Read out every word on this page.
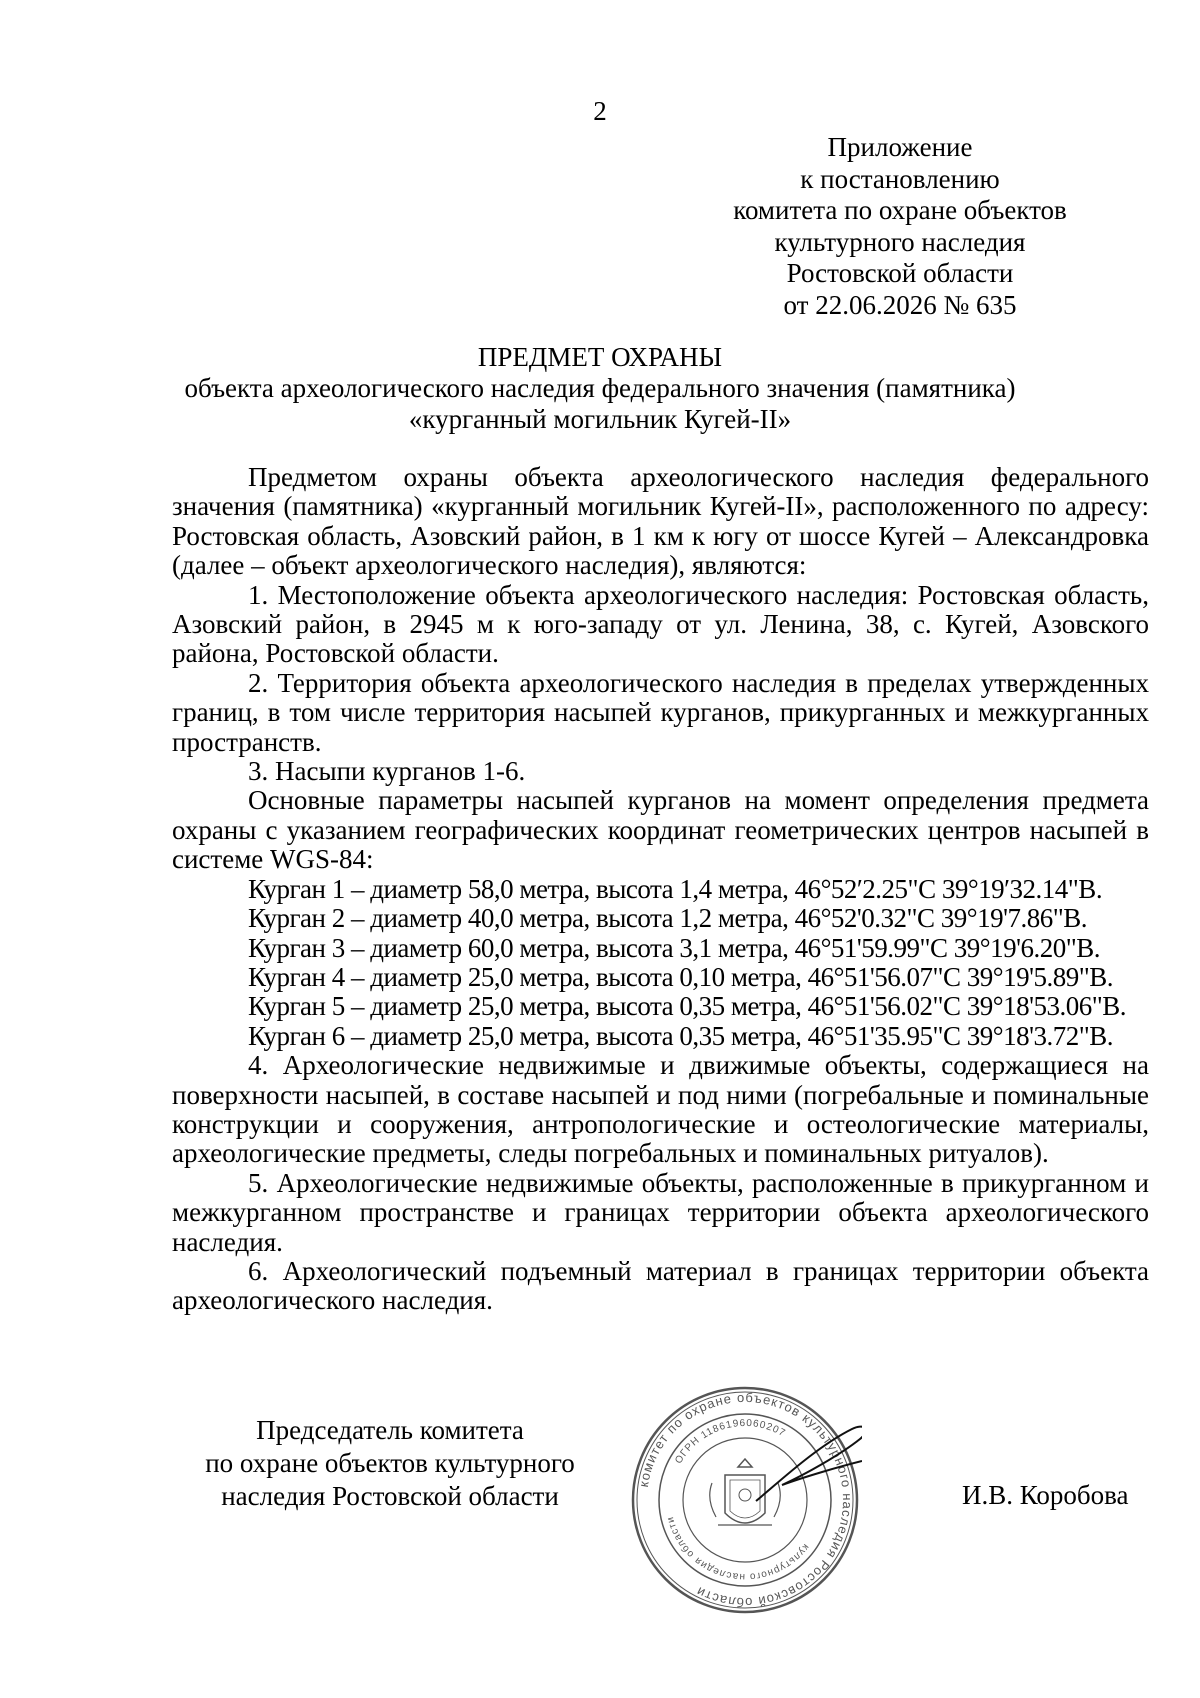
2
Приложение
к постановлению
комитета по охране объектов
культурного наследия
Ростовской области
от 22.06.2026 № 635
ПРЕДМЕТ ОХРАНЫ
объекта археологического наследия федерального значения (памятника)
«курганный могильник Кугей-II»

Предметом охраны объекта археологического наследия федерального значения (памятника) «курганный могильник Кугей-II», расположенного по адресу: Ростовская область, Азовский район, в 1 км к югу от шоссе Кугей – Александровка (далее – объект археологического наследия), являются:

1. Местоположение объекта археологического наследия: Ростовская область, Азовский район, в 2945 м к юго-западу от ул. Ленина, 38, с. Кугей, Азовского района, Ростовской области.

2. Территория объекта археологического наследия в пределах утвержденных границ, в том числе территория насыпей курганов, прикурганных и межкурганных пространств.

3. Насыпи курганов 1-6.

Основные параметры насыпей курганов на момент определения предмета охраны с указанием географических координат геометрических центров насыпей в системе WGS-84:

Курган 1 – диаметр 58,0 метра, высота 1,4 метра, 46°52′2.25"С 39°19′32.14"В.

Курган 2 – диаметр 40,0 метра, высота 1,2 метра, 46°52'0.32"С 39°19'7.86"В.

Курган 3 – диаметр 60,0 метра, высота 3,1 метра, 46°51'59.99"С 39°19'6.20"В.

Курган 4 – диаметр 25,0 метра, высота 0,10 метра, 46°51'56.07"С 39°19'5.89"В.

Курган 5 – диаметр 25,0 метра, высота 0,35 метра, 46°51'56.02"С 39°18'53.06"В.

Курган 6 – диаметр 25,0 метра, высота 0,35 метра, 46°51'35.95"С 39°18'3.72"В.

4. Археологические недвижимые и движимые объекты, содержащиеся на поверхности насыпей, в составе насыпей и под ними (погребальные и поминальные конструкции и сооружения, антропологические и остеологические материалы, археологические предметы, следы погребальных и поминальных ритуалов).

5. Археологические недвижимые объекты, расположенные в прикурганном и межкурганном пространстве и границах территории объекта археологического наследия.

6. Археологический подъемный материал в границах территории объекта археологического наследия.

Председатель комитета
по охране объектов культурного
наследия Ростовской области	комитет по охране объектов культурного наследия Ростовской области
культурного наследия области
ОГРН 1186196060207
И.В. Коробова
